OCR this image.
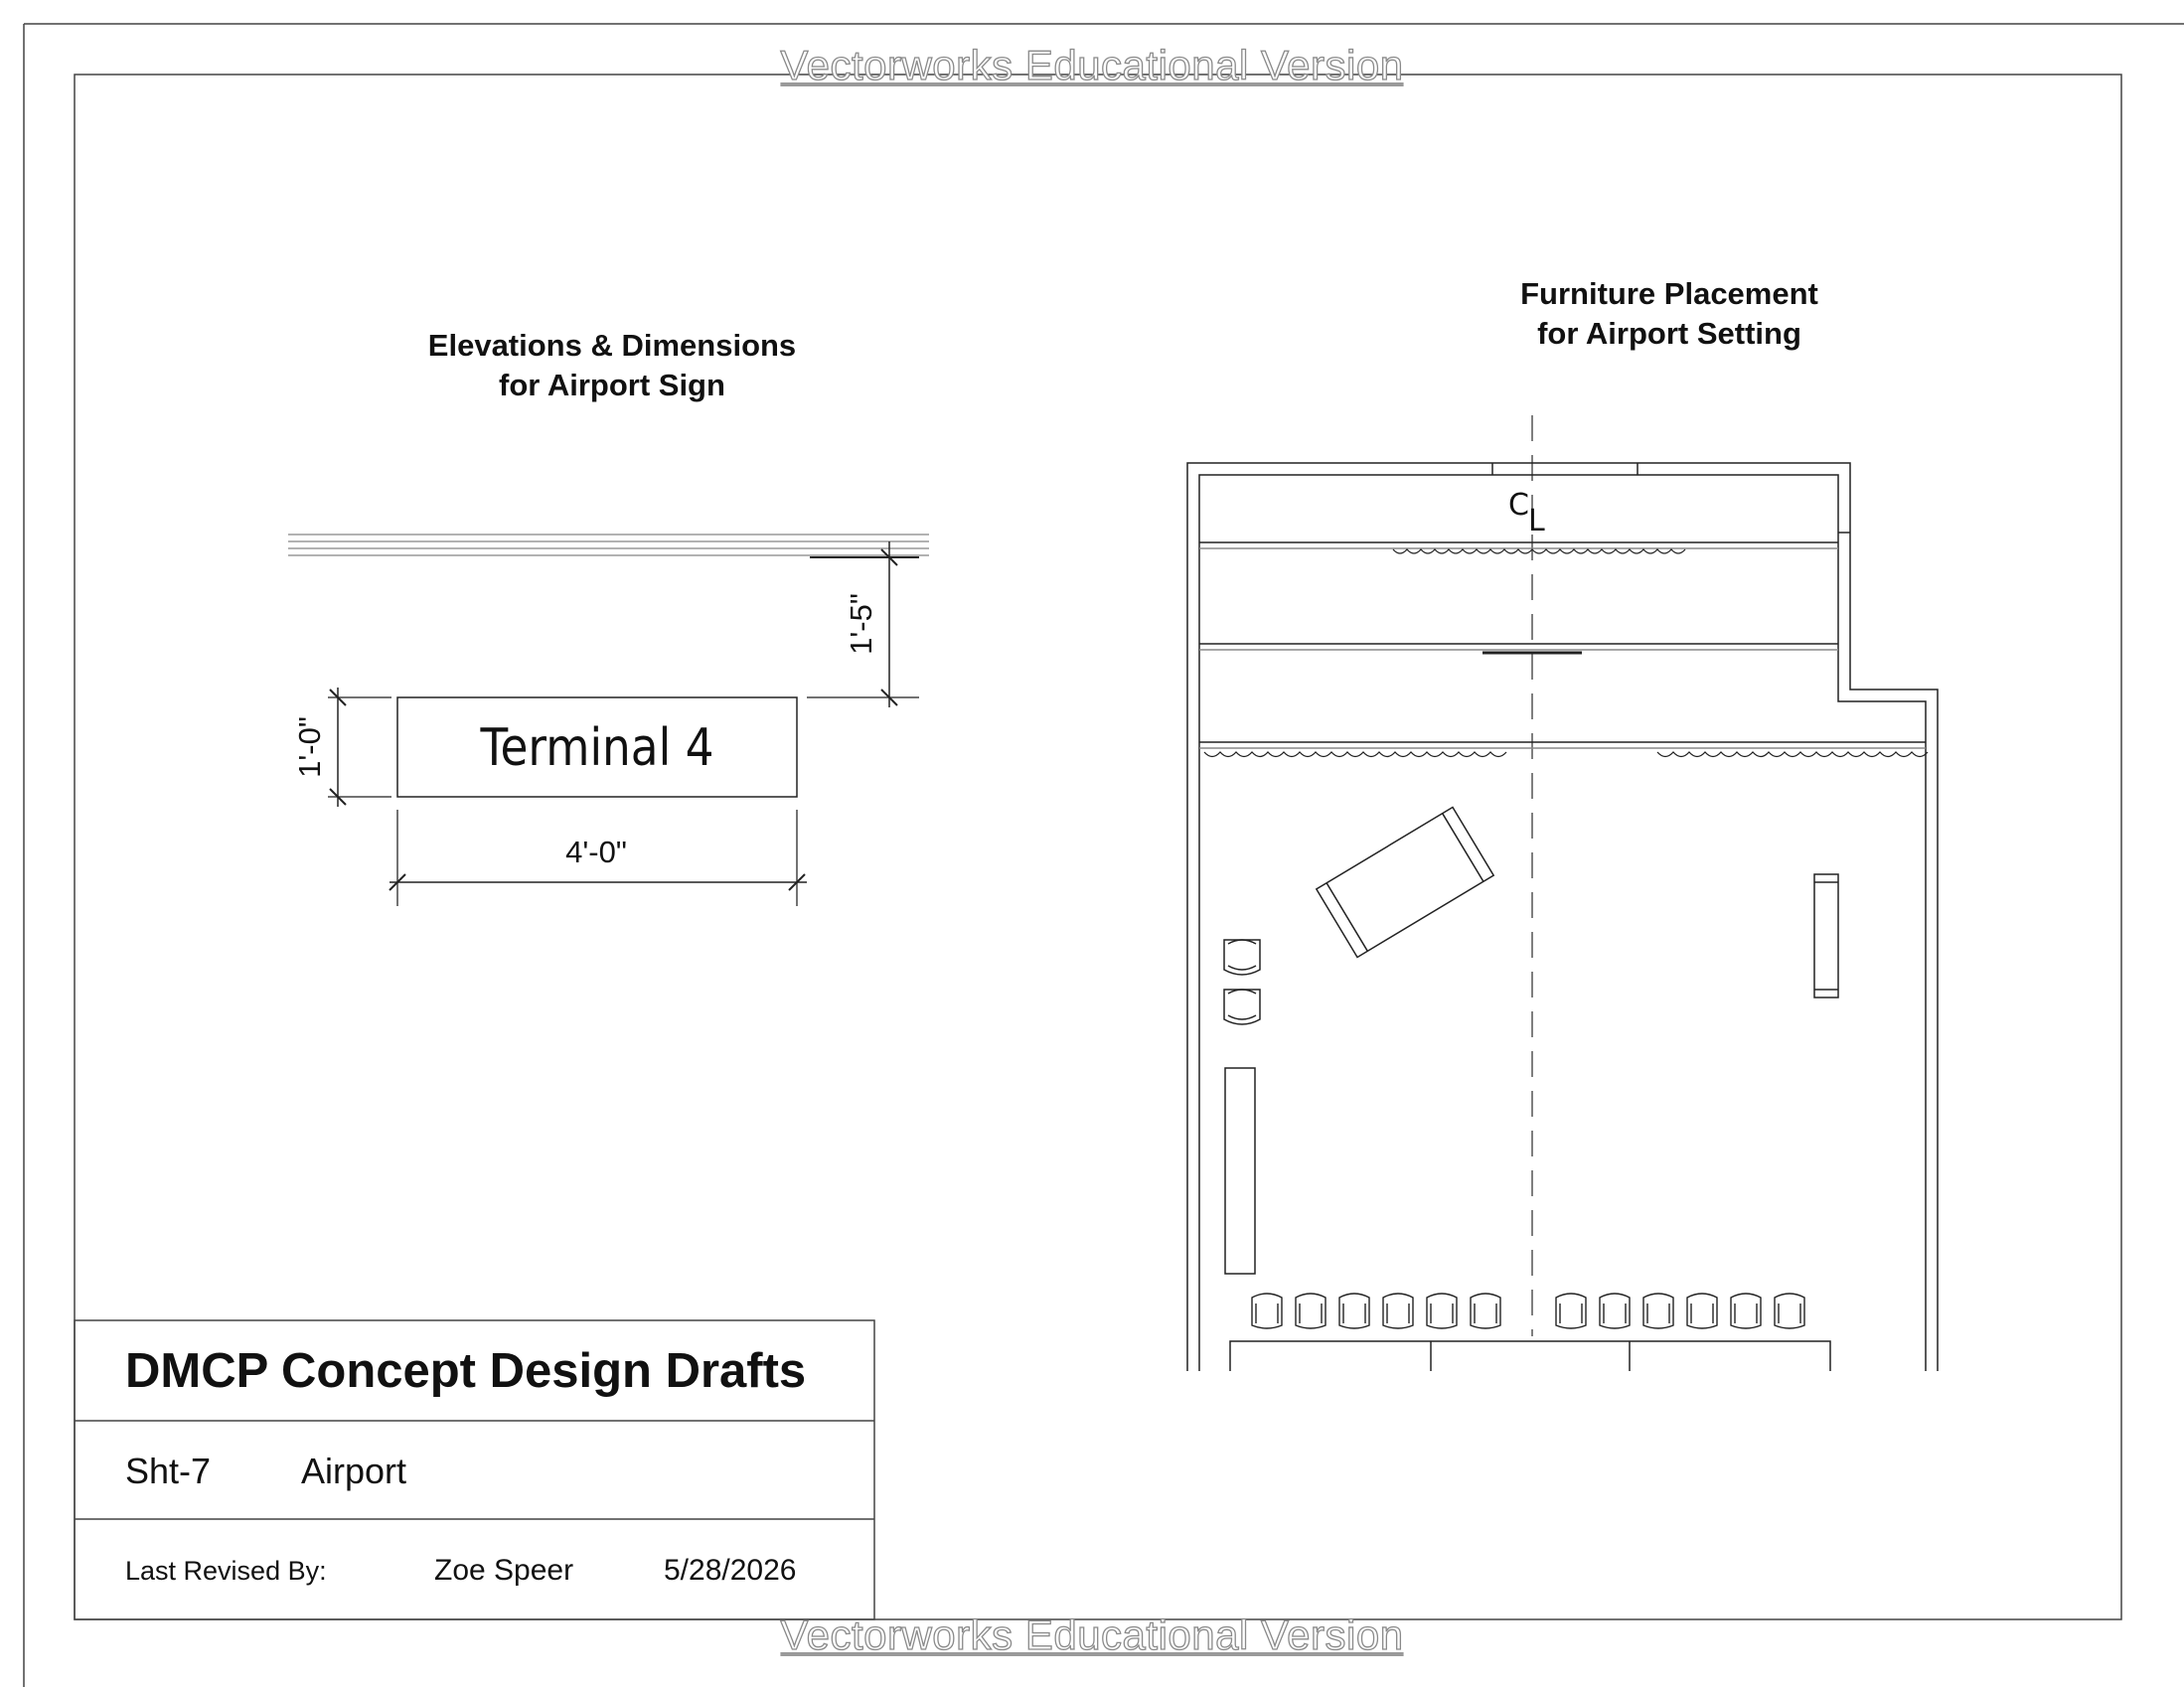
Terminal 4
4'-0"
1'-0"
1'-5"
C L
Vectorworks Educational Version
Vectorworks Educational Version
Elevations & Dimensions
for Airport Sign
Furniture Placement
for Airport Setting
DMCP Concept Design Drafts
Sht-7	Airport
Last Revised By:	Zoe Speer	5/28/2026
